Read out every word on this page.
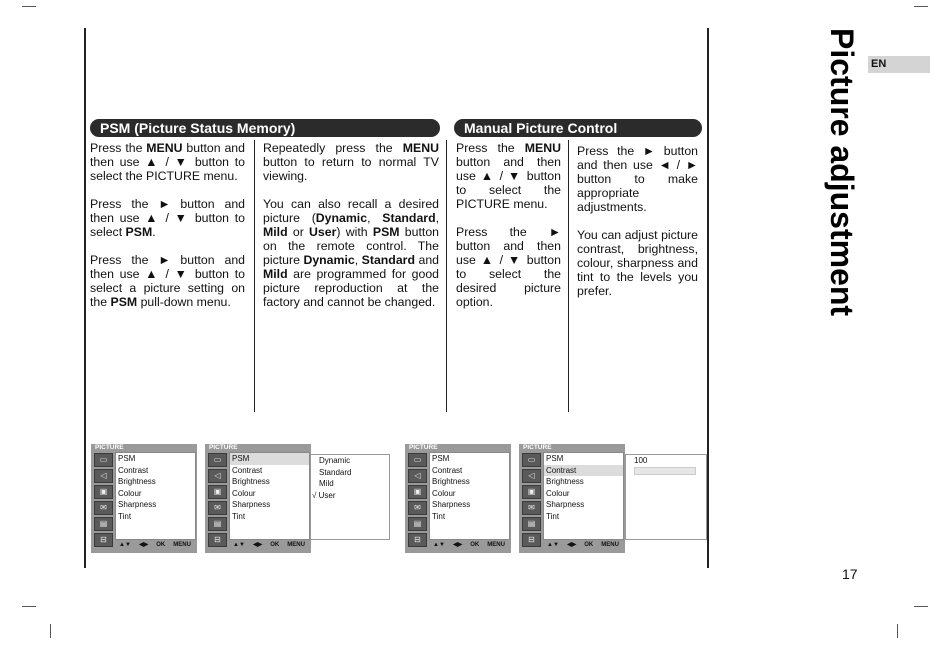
Picture adjustment EN
17
PSM (Picture Status Memory)	Manual Picture Control

Press the MENU button and then use ▲ / ▼ button to select the PICTURE menu.

Press the ► button and then use ▲ / ▼ button to select PSM.

Press the ► button and then use ▲ / ▼ button to select a picture setting on the PSM pull-down menu.

Repeatedly press the MENU button to return to normal TV viewing.

You can also recall a desired picture (Dynamic, Standard, Mild or User) with PSM button on the remote control. The picture Dynamic, Standard and Mild are programmed for good picture reproduction at the factory and cannot be changed.

Press the MENU button and then use ▲ / ▼ button to select the PICTURE menu.

Press the ► button and then use ▲ / ▼ button to select the desired picture option.

Press the ► button and then use ◄ / ► button to make appropriate adjustments.

You can adjust picture contrast, brightness, colour, sharpness and tint to the levels you prefer.

PICTURE
▭
◁
▣
✉
▤
⊟
PSM
Contrast
Brightness
Colour
Sharpness
Tint
▲▼ ◀▶ OK MENU
PICTURE
▭
◁
▣
✉
▤
⊟
PSM
Contrast
Brightness
Colour
Sharpness
Tint
▲▼ ◀▶ OK MENU
PICTURE
▭
◁
▣
✉
▤
⊟
PSM
Contrast
Brightness
Colour
Sharpness
Tint
▲▼ ◀▶ OK MENU
PICTURE
▭
◁
▣
✉
▤
⊟
PSM
Contrast
Brightness
Colour
Sharpness
Tint
▲▼ ◀▶ OK MENU
Dynamic
Standard
Mild
√ User
100
